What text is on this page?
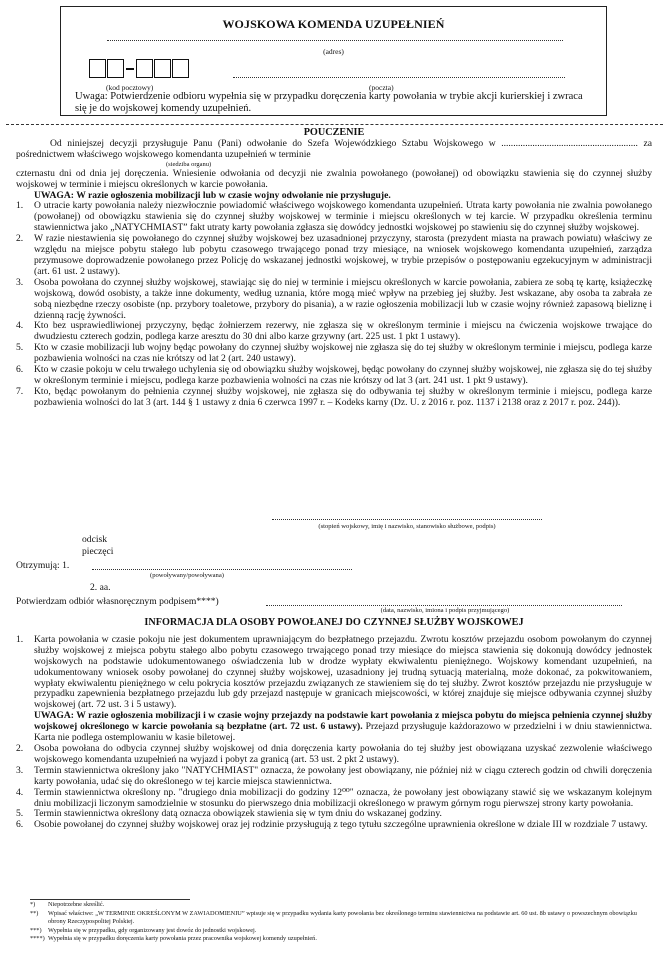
WOJSKOWA KOMENDA UZUPEŁNIEŃ
(adres)
(kod pocztowy)	(poczta)
Uwaga: Potwierdzenie odbioru wypełnia się w przypadku doręczenia karty powołania w trybie akcji kurierskiej i zwraca się je do wojskowej komendy uzupełnień.
POUCZENIE

Od niniejszej decyzji przysługuje Panu (Pani) odwołanie do Szefa Wojewódzkiego Sztabu Wojskowego w ......................................................... za pośrednictwem właściwego wojskowego komendanta uzupełnień w terminie

(siedziba organu)

czternastu dni od dnia jej doręczenia. Wniesienie odwołania od decyzji nie zwalnia powołanego (powołanej) od obowiązku stawienia się do czynnej służby wojskowej w terminie i miejscu określonych w karcie powołania.

UWAGA: W razie ogłoszenia mobilizacji lub w czasie wojny odwołanie nie przysługuje.

1. O utracie karty powołania należy niezwłocznie powiadomić właściwego wojskowego komendanta uzupełnień. Utrata karty powołania nie zwalnia powołanego (powołanej) od obowiązku stawienia się do czynnej służby wojskowej w terminie i miejscu określonych w tej karcie. W przypadku określenia terminu stawiennictwa jako „NATYCHMIAST” fakt utraty karty powołania zgłasza się dowódcy jednostki wojskowej po stawieniu się do czynnej służby wojskowej.
2. W razie niestawienia się powołanego do czynnej służby wojskowej bez uzasadnionej przyczyny, starosta (prezydent miasta na prawach powiatu) właściwy ze względu na miejsce pobytu stałego lub pobytu czasowego trwającego ponad trzy miesiące, na wniosek wojskowego komendanta uzupełnień, zarządza przymusowe doprowadzenie powołanego przez Policję do wskazanej jednostki wojskowej, w trybie przepisów o postępowaniu egzekucyjnym w administracji (art. 61 ust. 2 ustawy).
3. Osoba powołana do czynnej służby wojskowej, stawiając się do niej w terminie i miejscu określonych w karcie powołania, zabiera ze sobą tę kartę, książeczkę wojskową, dowód osobisty, a także inne dokumenty, według uznania, które mogą mieć wpływ na przebieg jej służby. Jest wskazane, aby osoba ta zabrała ze sobą niezbędne rzeczy osobiste (np. przybory toaletowe, przybory do pisania), a w razie ogłoszenia mobilizacji lub w czasie wojny również zapasową bieliznę i dzienną rację żywności.
4. Kto bez usprawiedliwionej przyczyny, będąc żołnierzem rezerwy, nie zgłasza się w określonym terminie i miejscu na ćwiczenia wojskowe trwające do dwudziestu czterech godzin, podlega karze aresztu do 30 dni albo karze grzywny (art. 225 ust. 1 pkt 1 ustawy).
5. Kto w czasie mobilizacji lub wojny będąc powołany do czynnej służby wojskowej nie zgłasza się do tej służby w określonym terminie i miejscu, podlega karze pozbawienia wolności na czas nie krótszy od lat 2 (art. 240 ustawy).
6. Kto w czasie pokoju w celu trwałego uchylenia się od obowiązku służby wojskowej, będąc powołany do czynnej służby wojskowej, nie zgłasza się do tej służby w określonym terminie i miejscu, podlega karze pozbawienia wolności na czas nie krótszy od lat 3 (art. 241 ust. 1 pkt 9 ustawy).
7. Kto, będąc powołanym do pełnienia czynnej służby wojskowej, nie zgłasza się do odbywania tej służby w określonym terminie i miejscu, podlega karze pozbawienia wolności do lat 3 (art. 144 § 1 ustawy z dnia 6 czerwca 1997 r. – Kodeks karny (Dz. U. z 2016 r. poz. 1137 i 2138 oraz z 2017 r. poz. 244)).
(stopień wojskowy, imię i nazwisko, stanowisko służbowe, podpis)
odcisk
pieczęci
Otrzymują: 1.
(powoływany/powoływana)
2. aa.
Potwierdzam odbiór własnoręcznym podpisem****)
(data, nazwisko, imiona i podpis przyjmującego)
INFORMACJA DLA OSOBY POWOŁANEJ DO CZYNNEJ SŁUŻBY WOJSKOWEJ
1. Karta powołania w czasie pokoju nie jest dokumentem uprawniającym do bezpłatnego przejazdu. Zwrotu kosztów przejazdu osobom powołanym do czynnej służby wojskowej z miejsca pobytu stałego albo pobytu czasowego trwającego ponad trzy miesiące do miejsca stawienia się dokonują dowódcy jednostek wojskowych na podstawie udokumentowanego oświadczenia lub w drodze wypłaty ekwiwalentu pieniężnego. Wojskowy komendant uzupełnień, na udokumentowany wniosek osoby powołanej do czynnej służby wojskowej, uzasadniony jej trudną sytuacją materialną, może dokonać, za pokwitowaniem, wypłaty ekwiwalentu pieniężnego w celu pokrycia kosztów przejazdu związanych ze stawieniem się do tej służby. Zwrot kosztów przejazdu nie przysługuje w przypadku zapewnienia bezpłatnego przejazdu lub gdy przejazd następuje w granicach miejscowości, w której znajduje się miejsce odbywania czynnej służby wojskowej (art. 72 ust. 3 i 5 ustawy).
UWAGA: W razie ogłoszenia mobilizacji i w czasie wojny przejazdy na podstawie kart powołania z miejsca pobytu do miejsca pełnienia czynnej służby wojskowej określonego w karcie powołania są bezpłatne (art. 72 ust. 6 ustawy). Przejazd przysługuje każdorazowo w przedzielni i w dniu stawiennictwa. Karta nie podlega ostemplowaniu w kasie biletowej.
2. Osoba powołana do odbycia czynnej służby wojskowej od dnia doręczenia karty powołania do tej służby jest obowiązana uzyskać zezwolenie właściwego wojskowego komendanta uzupełnień na wyjazd i pobyt za granicą (art. 53 ust. 2 pkt 2 ustawy).
3. Termin stawiennictwa określony jako "NATYCHMIAST" oznacza, że powołany jest obowiązany, nie później niż w ciągu czterech godzin od chwili doręczenia karty powołania, udać się do określonego w tej karcie miejsca stawiennictwa.
4. Termin stawiennictwa określony np. "drugiego dnia mobilizacji do godziny 12⁰⁰" oznacza, że powołany jest obowiązany stawić się we wskazanym kolejnym dniu mobilizacji liczonym samodzielnie w stosunku do pierwszego dnia mobilizacji określonego w prawym górnym rogu pierwszej strony karty powołania.
5. Termin stawiennictwa określony datą oznacza obowiązek stawienia się w tym dniu do wskazanej godziny.
6. Osobie powołanej do czynnej służby wojskowej oraz jej rodzinie przysługują z tego tytułu szczególne uprawnienia określone w dziale III w rozdziale 7 ustawy.
*) Niepotrzebne skreślić.
**) Wpisać właściwe: „W TERMINIE OKREŚLONYM W ZAWIADOMIENIU” wpisuje się w przypadku wydania karty powołania bez określonego terminu stawiennictwa na podstawie art. 60 ust. 8b ustawy o powszechnym obowiązku obrony Rzeczypospolitej Polskiej.
***) Wypełnia się w przypadku, gdy organizowany jest dowóz do jednostki wojskowej.
****) Wypełnia się w przypadku doręczenia karty powołania przez pracownika wojskowej komendy uzupełnień.
